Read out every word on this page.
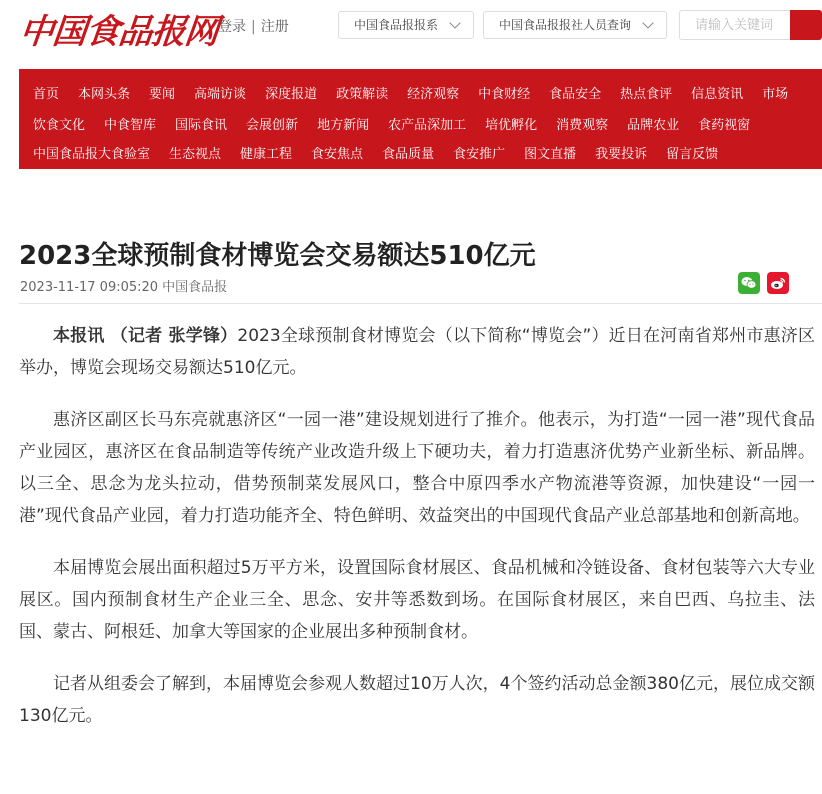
中国食品报网
登录 | 注册	中国食品报报系	中国食品报报社人员查询
请输入关键词
首页 本网头条 要闻 高端访谈 深度报道 政策解读 经济观察 中食财经 食品安全 热点食评 信息资讯 市场
饮食文化 中食智库 国际食讯 会展创新 地方新闻 农产品深加工 培优孵化 消费观察 品牌农业 食药视窗
中国食品报大食验室 生态视点 健康工程 食安焦点 食品质量 食安推广 图文直播 我要投诉 留言反馈
2023全球预制食材博览会交易额达510亿元
2023-11-17 09:05:20 中国食品报

本报讯 （记者 张学锋）2023全球预制食材博览会（以下简称“博览会”）近日在河南省郑州市惠济区举办，博览会现场交易额达510亿元。

惠济区副区长马东亮就惠济区“一园一港”建设规划进行了推介。他表示，为打造“一园一港”现代食品产业园区，惠济区在食品制造等传统产业改造升级上下硬功夫，着力打造惠济优势产业新坐标、新品牌。以三全、思念为龙头拉动，借势预制菜发展风口，整合中原四季水产物流港等资源，加快建设“一园一港”现代食品产业园，着力打造功能齐全、特色鲜明、效益突出的中国现代食品产业总部基地和创新高地。

本届博览会展出面积超过5万平方米，设置国际食材展区、食品机械和冷链设备、食材包装等六大专业展区。国内预制食材生产企业三全、思念、安井等悉数到场。在国际食材展区，来自巴西、乌拉圭、法国、蒙古、阿根廷、加拿大等国家的企业展出多种预制食材。

记者从组委会了解到，本届博览会参观人数超过10万人次，4个签约活动总金额380亿元，展位成交额130亿元。
